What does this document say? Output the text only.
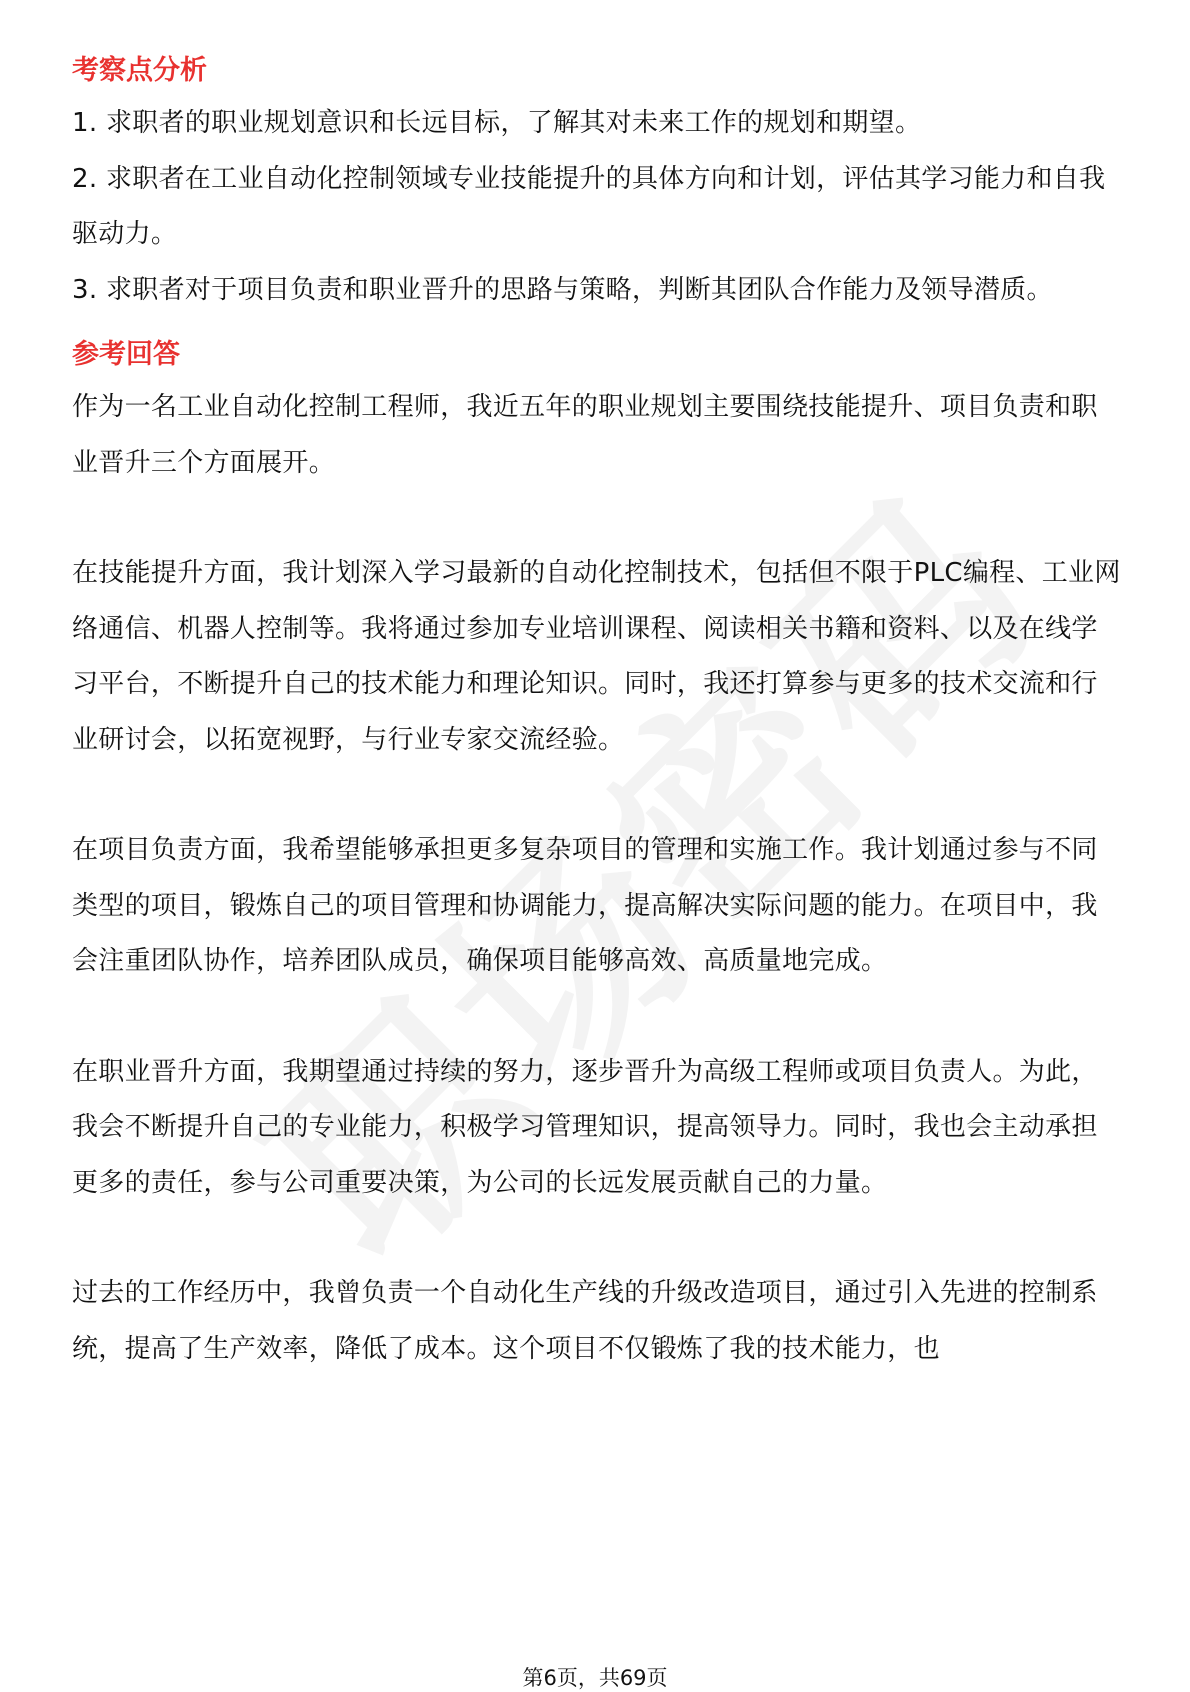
考察点分析

1. 求职者的职业规划意识和长远目标，了解其对未来工作的规划和期望。

2. 求职者在工业自动化控制领域专业技能提升的具体方向和计划，评估其学习能力和自我驱动力。

3. 求职者对于项目负责和职业晋升的思路与策略，判断其团队合作能力及领导潜质。

参考回答

作为一名工业自动化控制工程师，我近五年的职业规划主要围绕技能提升、项目负责和职业晋升三个方面展开。

在技能提升方面，我计划深入学习最新的自动化控制技术，包括但不限于PLC编程、工业网络通信、机器人控制等。我将通过参加专业培训课程、阅读相关书籍和资料、以及在线学习平台，不断提升自己的技术能力和理论知识。同时，我还打算参与更多的技术交流和行业研讨会，以拓宽视野，与行业专家交流经验。

在项目负责方面，我希望能够承担更多复杂项目的管理和实施工作。我计划通过参与不同类型的项目，锻炼自己的项目管理和协调能力，提高解决实际问题的能力。在项目中，我会注重团队协作，培养团队成员，确保项目能够高效、高质量地完成。

在职业晋升方面，我期望通过持续的努力，逐步晋升为高级工程师或项目负责人。为此，我会不断提升自己的专业能力，积极学习管理知识，提高领导力。同时，我也会主动承担更多的责任，参与公司重要决策，为公司的长远发展贡献自己的力量。

过去的工作经历中，我曾负责一个自动化生产线的升级改造项目，通过引入先进的控制系统，提高了生产效率，降低了成本。这个项目不仅锻炼了我的技术能力，也

第6页，共69页
